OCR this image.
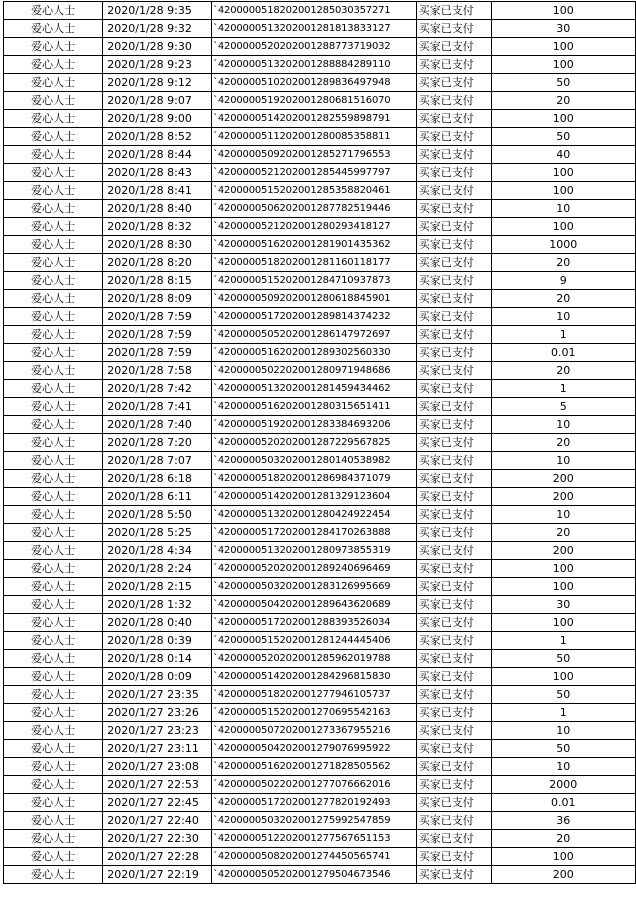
爱心人士	2020/1/28 9:35	`4200000518202001285030357271	买家已支付	100
爱心人士	2020/1/28 9:32	`4200000513202001281813833127	买家已支付	30
爱心人士	2020/1/28 9:30	`4200000520202001288773719032	买家已支付	100
爱心人士	2020/1/28 9:23	`4200000513202001288884289110	买家已支付	100
爱心人士	2020/1/28 9:12	`4200000510202001289836497948	买家已支付	50
爱心人士	2020/1/28 9:07	`4200000519202001280681516070	买家已支付	20
爱心人士	2020/1/28 9:00	`4200000514202001282559898791	买家已支付	100
爱心人士	2020/1/28 8:52	`4200000511202001280085358811	买家已支付	50
爱心人士	2020/1/28 8:44	`4200000509202001285271796553	买家已支付	40
爱心人士	2020/1/28 8:43	`4200000521202001285445997797	买家已支付	100
爱心人士	2020/1/28 8:41	`4200000515202001285358820461	买家已支付	100
爱心人士	2020/1/28 8:40	`4200000506202001287782519446	买家已支付	10
爱心人士	2020/1/28 8:32	`4200000521202001280293418127	买家已支付	100
爱心人士	2020/1/28 8:30	`4200000516202001281901435362	买家已支付	1000
爱心人士	2020/1/28 8:20	`4200000518202001281160118177	买家已支付	20
爱心人士	2020/1/28 8:15	`4200000515202001284710937873	买家已支付	9
爱心人士	2020/1/28 8:09	`4200000509202001280618845901	买家已支付	20
爱心人士	2020/1/28 7:59	`4200000517202001289814374232	买家已支付	10
爱心人士	2020/1/28 7:59	`4200000505202001286147972697	买家已支付	1
爱心人士	2020/1/28 7:59	`4200000516202001289302560330	买家已支付	0.01
爱心人士	2020/1/28 7:58	`4200000502202001280971948686	买家已支付	20
爱心人士	2020/1/28 7:42	`4200000513202001281459434462	买家已支付	1
爱心人士	2020/1/28 7:41	`4200000516202001280315651411	买家已支付	5
爱心人士	2020/1/28 7:40	`4200000519202001283384693206	买家已支付	10
爱心人士	2020/1/28 7:20	`4200000520202001287229567825	买家已支付	20
爱心人士	2020/1/28 7:07	`4200000503202001280140538982	买家已支付	10
爱心人士	2020/1/28 6:18	`4200000518202001286984371079	买家已支付	200
爱心人士	2020/1/28 6:11	`4200000514202001281329123604	买家已支付	200
爱心人士	2020/1/28 5:50	`4200000513202001280424922454	买家已支付	10
爱心人士	2020/1/28 5:25	`4200000517202001284170263888	买家已支付	20
爱心人士	2020/1/28 4:34	`4200000513202001280973855319	买家已支付	200
爱心人士	2020/1/28 2:24	`4200000520202001289240696469	买家已支付	100
爱心人士	2020/1/28 2:15	`4200000503202001283126995669	买家已支付	100
爱心人士	2020/1/28 1:32	`4200000504202001289643620689	买家已支付	30
爱心人士	2020/1/28 0:40	`4200000517202001288393526034	买家已支付	100
爱心人士	2020/1/28 0:39	`4200000515202001281244445406	买家已支付	1
爱心人士	2020/1/28 0:14	`4200000520202001285962019788	买家已支付	50
爱心人士	2020/1/28 0:09	`4200000514202001284296815830	买家已支付	100
爱心人士	2020/1/27 23:35	`4200000518202001277946105737	买家已支付	50
爱心人士	2020/1/27 23:26	`4200000515202001270695542163	买家已支付	1
爱心人士	2020/1/27 23:23	`4200000507202001273367955216	买家已支付	10
爱心人士	2020/1/27 23:11	`4200000504202001279076995922	买家已支付	50
爱心人士	2020/1/27 23:08	`4200000516202001271828505562	买家已支付	10
爱心人士	2020/1/27 22:53	`4200000502202001277076662016	买家已支付	2000
爱心人士	2020/1/27 22:45	`4200000517202001277820192493	买家已支付	0.01
爱心人士	2020/1/27 22:40	`4200000503202001275992547859	买家已支付	36
爱心人士	2020/1/27 22:30	`4200000512202001277567651153	买家已支付	20
爱心人士	2020/1/27 22:28	`4200000508202001274450565741	买家已支付	100
爱心人士	2020/1/27 22:19	`4200000505202001279504673546	买家已支付	200
